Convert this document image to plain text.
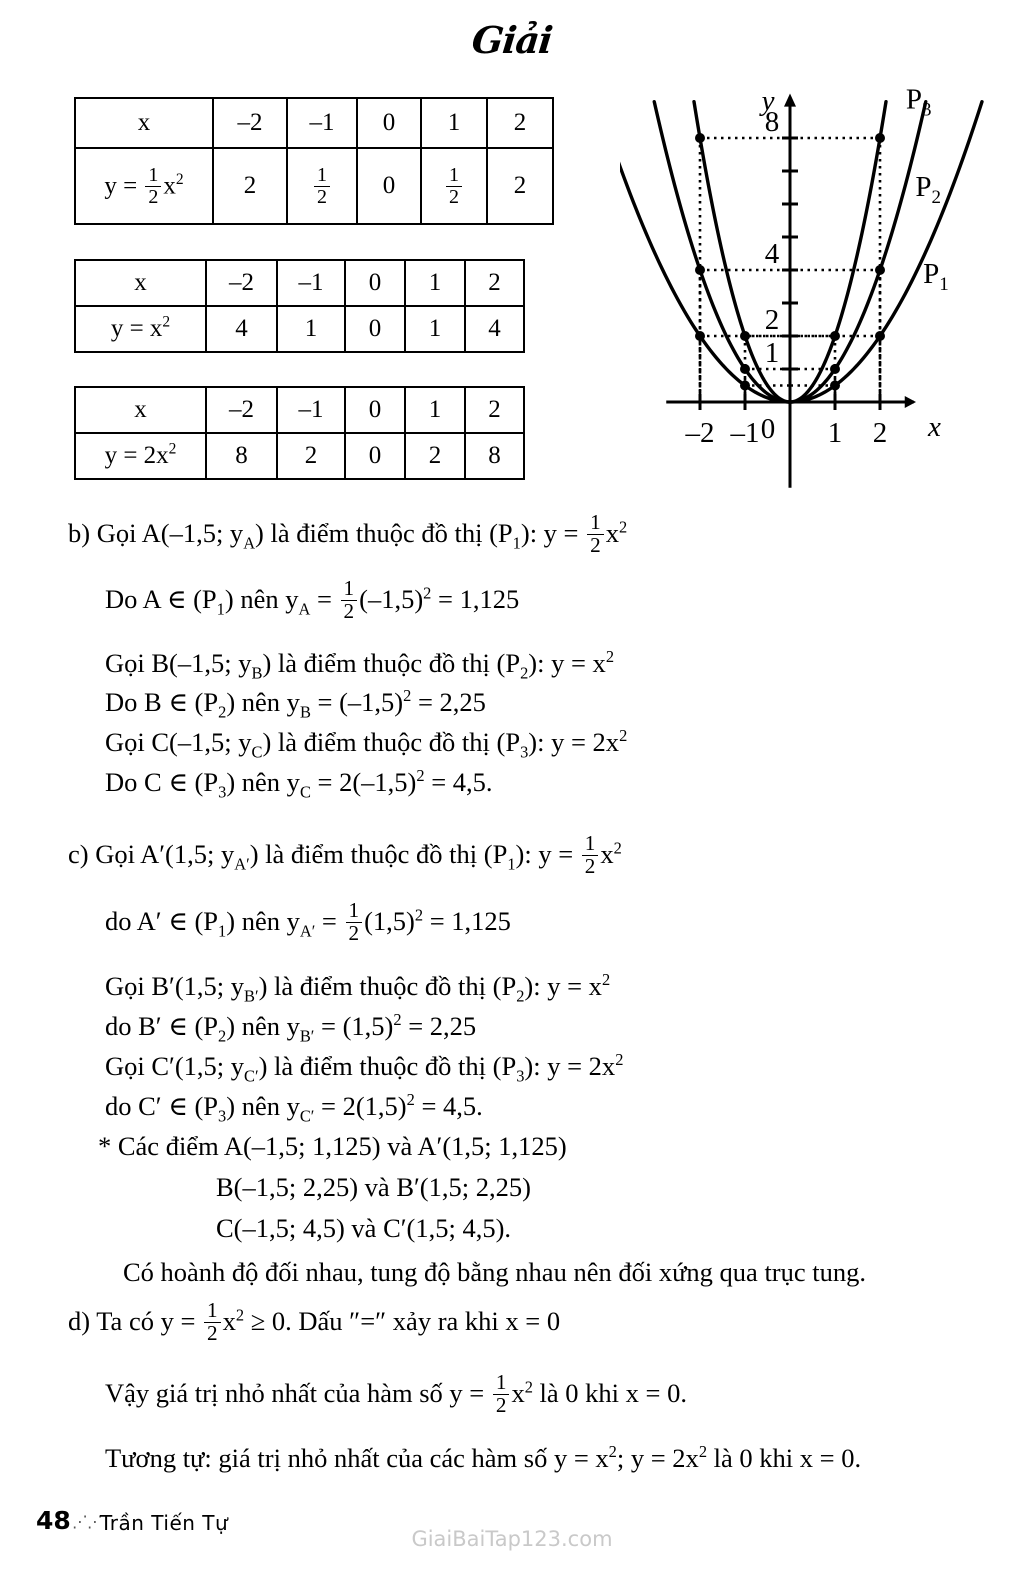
Giải
x	–2	–1	0	1	2
$y = \frac{1}{2} x^2$	2	$\frac{1}{2}$	0	$\frac{1}{2}$	2
x	–2	–1	0	1	2
$y = x^2$	4	1	0	1	4
x	–2	–1	0	1	2
$y = 2x^2$	8	2	0	2	8
1
2
4
8
–2 –1 0 1 2
y
x
$P_1$
$P_2$
$P_3$
b) Gọi A(–1,5; $y_A$) là điểm thuộc đồ thị $(P_1)$: $y = \frac{1}{2} x^2$
Do A ∈ $(P_1)$ nên $y_A = \frac{1}{2} (-1,5)^2 = 1,125$
Gọi B(–1,5; $y_B$) là điểm thuộc đồ thị $(P_2)$: $y = x^2$
Do B ∈ $(P_2)$ nên $y_B = (-1,5)^2 = 2,25$
Gọi C(–1,5; $y_C$) là điểm thuộc đồ thị $(P_3)$: $y = 2x^2$
Do C ∈ $(P_3)$ nên $y_C = 2(-1,5)^2 = 4,5$.
c) Gọi A′(1,5; $y_{A'}$) là điểm thuộc đồ thị $(P_1)$: $y = \frac{1}{2} x^2$
do A′ ∈ $(P_1)$ nên $y_{A'} = \frac{1}{2} (1,5)^2 = 1,125$
Gọi B′(1,5; $y_{B'}$) là điểm thuộc đồ thị $(P_2)$: $y = x^2$
do B′ ∈ $(P_2)$ nên $y_{B'} = (1,5)^2 = 2,25$
Gọi C′(1,5; $y_{C'}$) là điểm thuộc đồ thị $(P_3)$: $y = 2x^2$
do C′ ∈ $(P_3)$ nên $y_{C'} = 2(1,5)^2 = 4,5$.
* Các điểm A(–1,5; 1,125) và A′(1,5; 1,125)
B(–1,5; 2,25) và B′(1,5; 2,25)
C(–1,5; 4,5) và C′(1,5; 4,5).
Có hoành độ đối nhau, tung độ bằng nhau nên đối xứng qua trục tung.
d) Ta có $y = \frac{1}{2} x^2 \ge 0$. Dấu ″=″ xảy ra khi x = 0
Vậy giá trị nhỏ nhất của hàm số $y = \frac{1}{2} x^2$ là 0 khi x = 0.
Tương tự: giá trị nhỏ nhất của các hàm số $y = x^2$; $y = 2x^2$ là 0 khi x = 0.
48 ⋰⋰
Trần Tiến Tự
GiaiBaiTap123.com
